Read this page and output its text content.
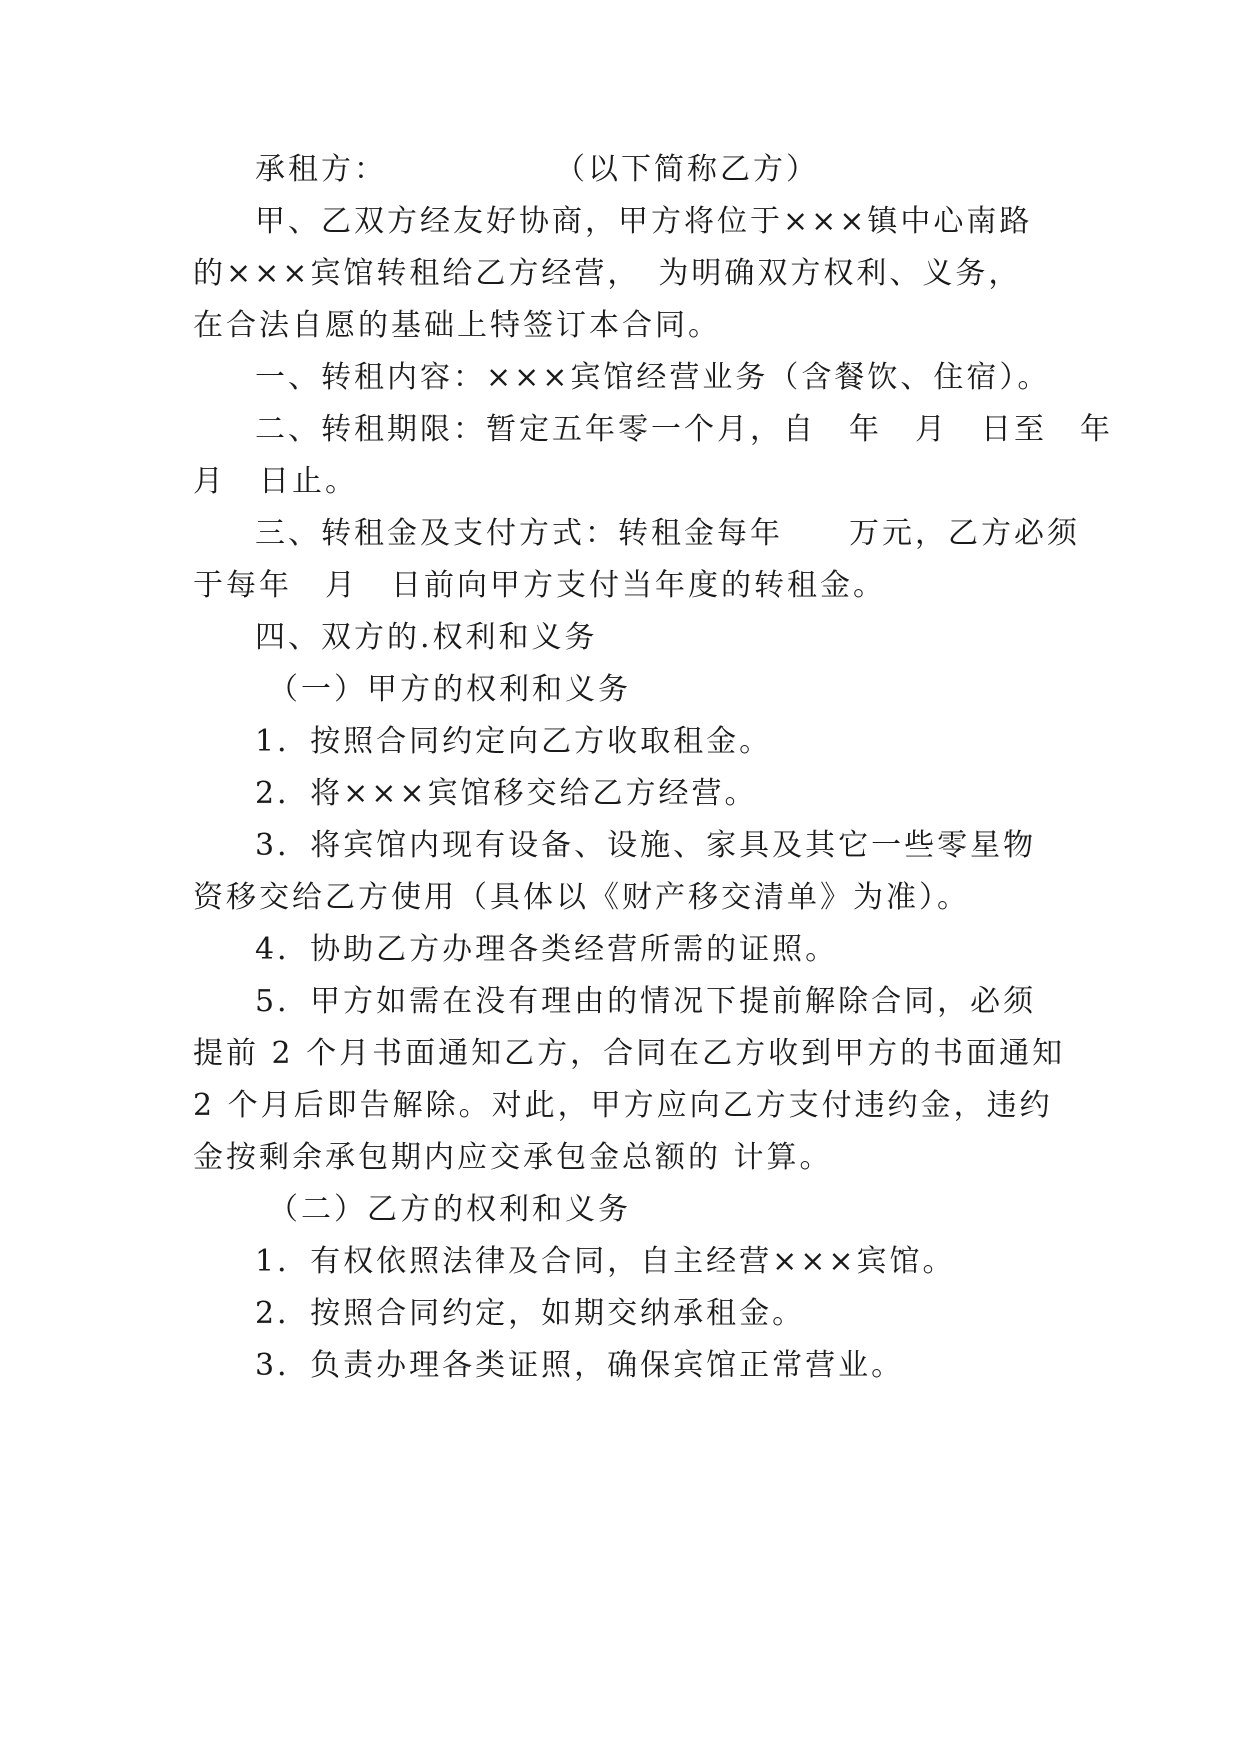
承租方：　　　　　　（以下简称乙方）
甲、乙双方经友好协商，甲方将位于×××镇中心南路
的×××宾馆转租给乙方经营，　为明确双方权利、义务，
在合法自愿的基础上特签订本合同。
一、转租内容：×××宾馆经营业务（含餐饮、住宿）。
二、转租期限：暂定五年零一个月，自　年　月　日至　年
月　日止。
三、转租金及支付方式：转租金每年　　万元，乙方必须
于每年　月　日前向甲方支付当年度的转租金。
四、双方的.权利和义务
（一）甲方的权利和义务
1．按照合同约定向乙方收取租金。
2．将×××宾馆移交给乙方经营。
3．将宾馆内现有设备、设施、家具及其它一些零星物
资移交给乙方使用（具体以《财产移交清单》为准）。
4．协助乙方办理各类经营所需的证照。
5．甲方如需在没有理由的情况下提前解除合同，必须
提前 2 个月书面通知乙方，合同在乙方收到甲方的书面通知
2 个月后即告解除。对此，甲方应向乙方支付违约金，违约
金按剩余承包期内应交承包金总额的 计算。
（二）乙方的权利和义务
1．有权依照法律及合同，自主经营×××宾馆。
2．按照合同约定，如期交纳承租金。
3．负责办理各类证照，确保宾馆正常营业。
